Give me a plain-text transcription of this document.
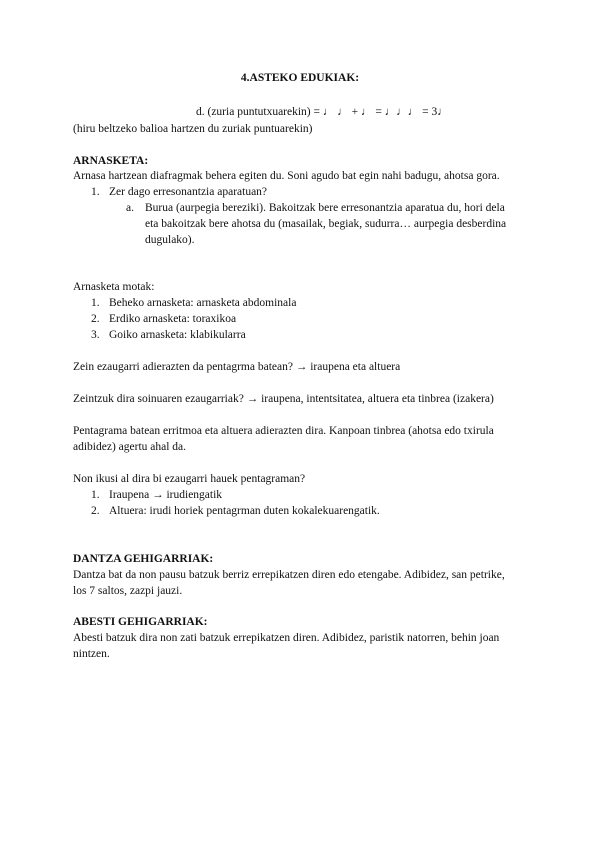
4.ASTEKO EDUKIAK:
d. (zuria puntutxuarekin) = ♩ ♩ + ♩ = ♩♩♩ = 3♩
(hiru beltzeko balioa hartzen du zuriak puntuarekin)
ARNASKETA:
Arnasa hartzean diafragmak behera egiten du. Soni agudo bat egin nahi badugu, ahotsa gora.
1. Zer dago erresonantzia aparatuan?
a. Burua (aurpegia bereziki). Bakoitzak bere erresonantzia aparatua du, hori dela
eta bakoitzak bere ahotsa du (masailak, begiak, sudurra… aurpegia desberdina
dugulako).
Arnasketa motak:
1. Beheko arnasketa: arnasketa abdominala
2. Erdiko arnasketa: toraxikoa
3. Goiko arnasketa: klabikularra
Zein ezaugarri adierazten da pentagrma batean? → iraupena eta altuera
Zeintzuk dira soinuaren ezaugarriak? → iraupena, intentsitatea, altuera eta tinbrea (izakera)
Pentagrama batean erritmoa eta altuera adierazten dira. Kanpoan tinbrea (ahotsa edo txirula
adibidez) agertu ahal da.
Non ikusi al dira bi ezaugarri hauek pentagraman?
1. Iraupena → irudiengatik
2. Altuera: irudi horiek pentagrman duten kokalekuarengatik.
DANTZA GEHIGARRIAK:
Dantza bat da non pausu batzuk berriz errepikatzen diren edo etengabe. Adibidez, san petrike,
los 7 saltos, zazpi jauzi.
ABESTI GEHIGARRIAK:
Abesti batzuk dira non zati batzuk errepikatzen diren. Adibidez, paristik natorren, behin joan
nintzen.
